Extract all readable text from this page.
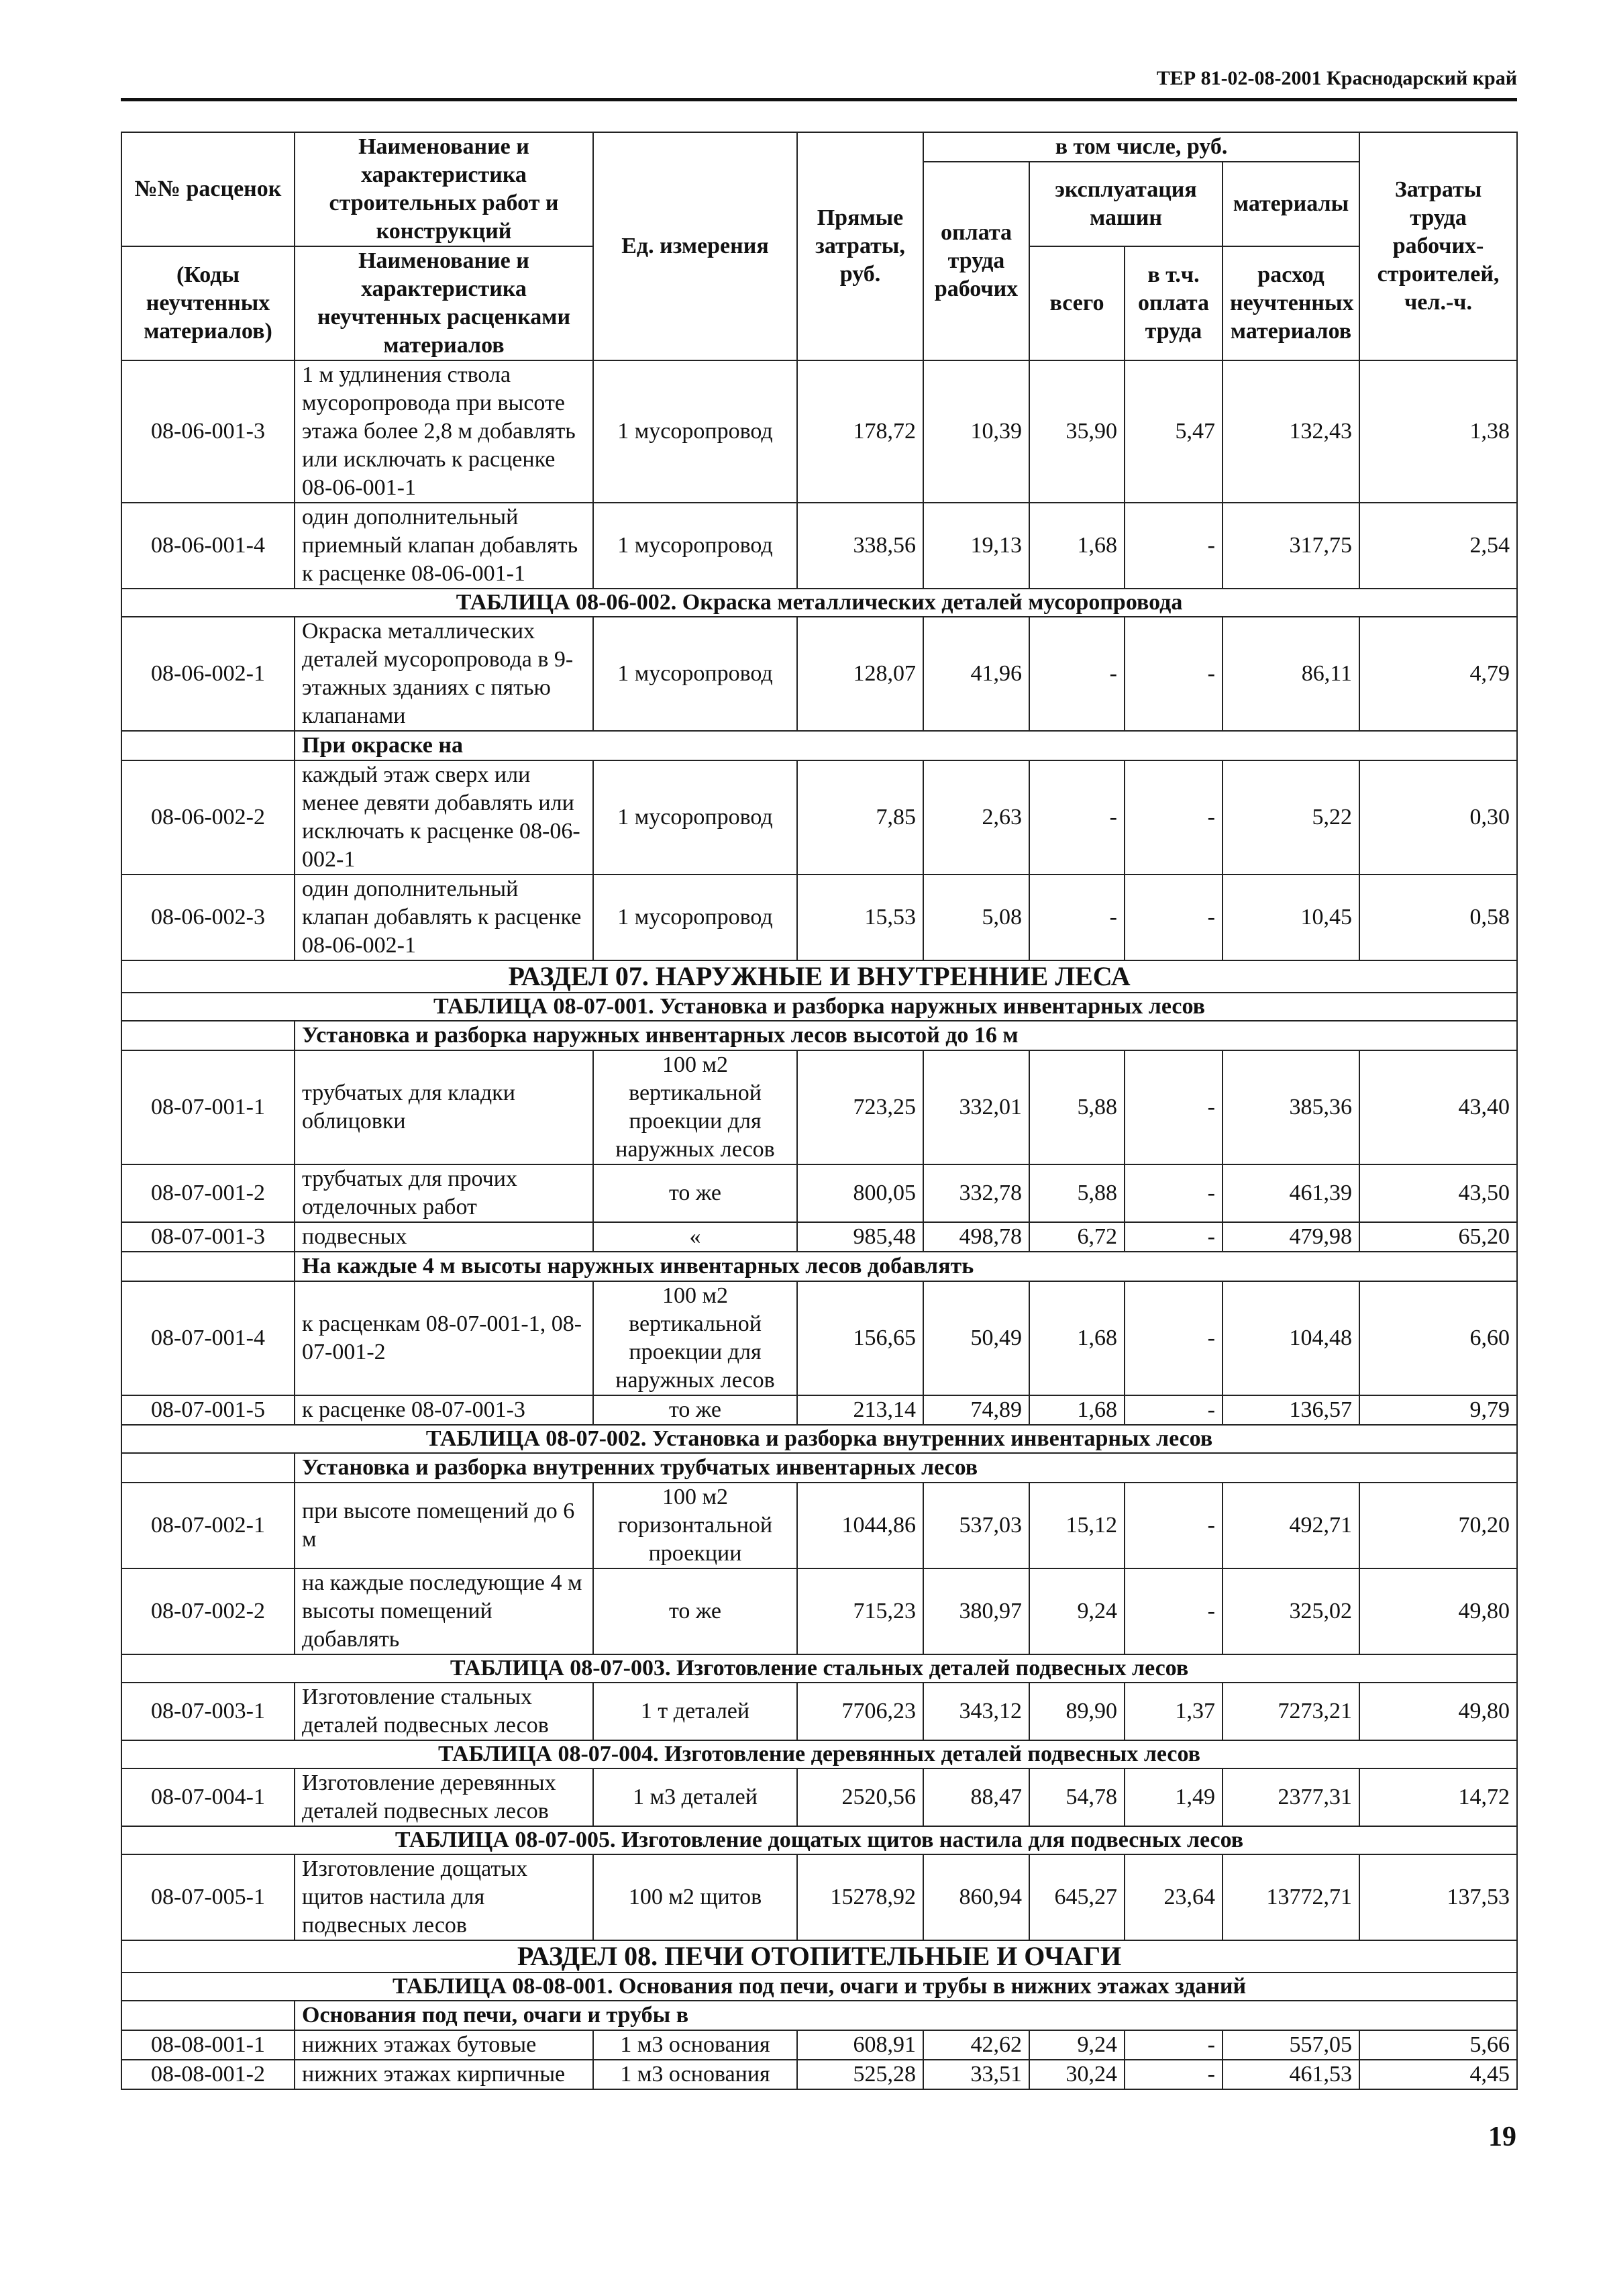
ТЕР 81-02-08-2001 Краснодарский край
№№ расценок	Наименование и характеристика строительных работ и конструкций	Ед. измерения	Прямые затраты, руб.	в том числе, руб.				Затраты труда рабочих-строителей, чел.-ч.
				оплата труда рабочих	эксплуатация машин		материалы	

(Коды неучтенных материалов)	Наименование и характеристика неучтенных расценками материалов				всего	в т.ч. оплата труда	расход неучтенных материалов	

08-06-001-3	1 м удлинения ствола мусоропровода при высоте этажа более 2,8 м добавлять или исключать к расценке 08-06-001-1	1 мусоропровод	178,72	10,39	35,90	5,47	132,43	1,38
08-06-001-4	один дополнительный приемный клапан добавлять к расценке 08-06-001-1	1 мусоропровод	338,56	19,13	1,68	-	317,75	2,54
ТАБЛИЦА 08-06-002. Окраска металлических деталей мусоропровода								
08-06-002-1	Окраска металлических деталей мусоропровода в 9-этажных зданиях с пятью клапанами	1 мусоропровод	128,07	41,96	-	-	86,11	4,79
	При окраске на							
08-06-002-2	каждый этаж сверх или менее девяти добавлять или исключать к расценке 08-06-002-1	1 мусоропровод	7,85	2,63	-	-	5,22	0,30
08-06-002-3	один дополнительный клапан добавлять к расценке 08-06-002-1	1 мусоропровод	15,53	5,08	-	-	10,45	0,58
РАЗДЕЛ 07. НАРУЖНЫЕ И ВНУТРЕННИЕ ЛЕСА								
ТАБЛИЦА 08-07-001. Установка и разборка наружных инвентарных лесов								
	Установка и разборка наружных инвентарных лесов высотой до 16 м							
08-07-001-1	трубчатых для кладки облицовки	100 м2 вертикальной проекции для наружных лесов	723,25	332,01	5,88	-	385,36	43,40
08-07-001-2	трубчатых для прочих отделочных работ	то же	800,05	332,78	5,88	-	461,39	43,50
08-07-001-3	подвесных	«	985,48	498,78	6,72	-	479,98	65,20
	На каждые 4 м высоты наружных инвентарных лесов добавлять							
08-07-001-4	к расценкам 08-07-001-1, 08-07-001-2	100 м2 вертикальной проекции для наружных лесов	156,65	50,49	1,68	-	104,48	6,60
08-07-001-5	к расценке 08-07-001-3	то же	213,14	74,89	1,68	-	136,57	9,79
ТАБЛИЦА 08-07-002. Установка и разборка внутренних инвентарных лесов								
	Установка и разборка внутренних трубчатых инвентарных лесов							
08-07-002-1	при высоте помещений до 6 м	100 м2 горизонтальной проекции	1044,86	537,03	15,12	-	492,71	70,20
08-07-002-2	на каждые последующие 4 м высоты помещений добавлять	то же	715,23	380,97	9,24	-	325,02	49,80
ТАБЛИЦА 08-07-003. Изготовление стальных деталей подвесных лесов								
08-07-003-1	Изготовление стальных деталей подвесных лесов	1 т деталей	7706,23	343,12	89,90	1,37	7273,21	49,80
ТАБЛИЦА 08-07-004. Изготовление деревянных деталей подвесных лесов								
08-07-004-1	Изготовление деревянных деталей подвесных лесов	1 м3 деталей	2520,56	88,47	54,78	1,49	2377,31	14,72
ТАБЛИЦА 08-07-005. Изготовление дощатых щитов настила для подвесных лесов								
08-07-005-1	Изготовление дощатых щитов настила для подвесных лесов	100 м2 щитов	15278,92	860,94	645,27	23,64	13772,71	137,53
РАЗДЕЛ 08. ПЕЧИ ОТОПИТЕЛЬНЫЕ И ОЧАГИ								
ТАБЛИЦА 08-08-001. Основания под печи, очаги и трубы в нижних этажах зданий								
	Основания под печи, очаги и трубы в							
08-08-001-1	нижних этажах бутовые	1 м3 основания	608,91	42,62	9,24	-	557,05	5,66
08-08-001-2	нижних этажах кирпичные	1 м3 основания	525,28	33,51	30,24	-	461,53	4,45
19
